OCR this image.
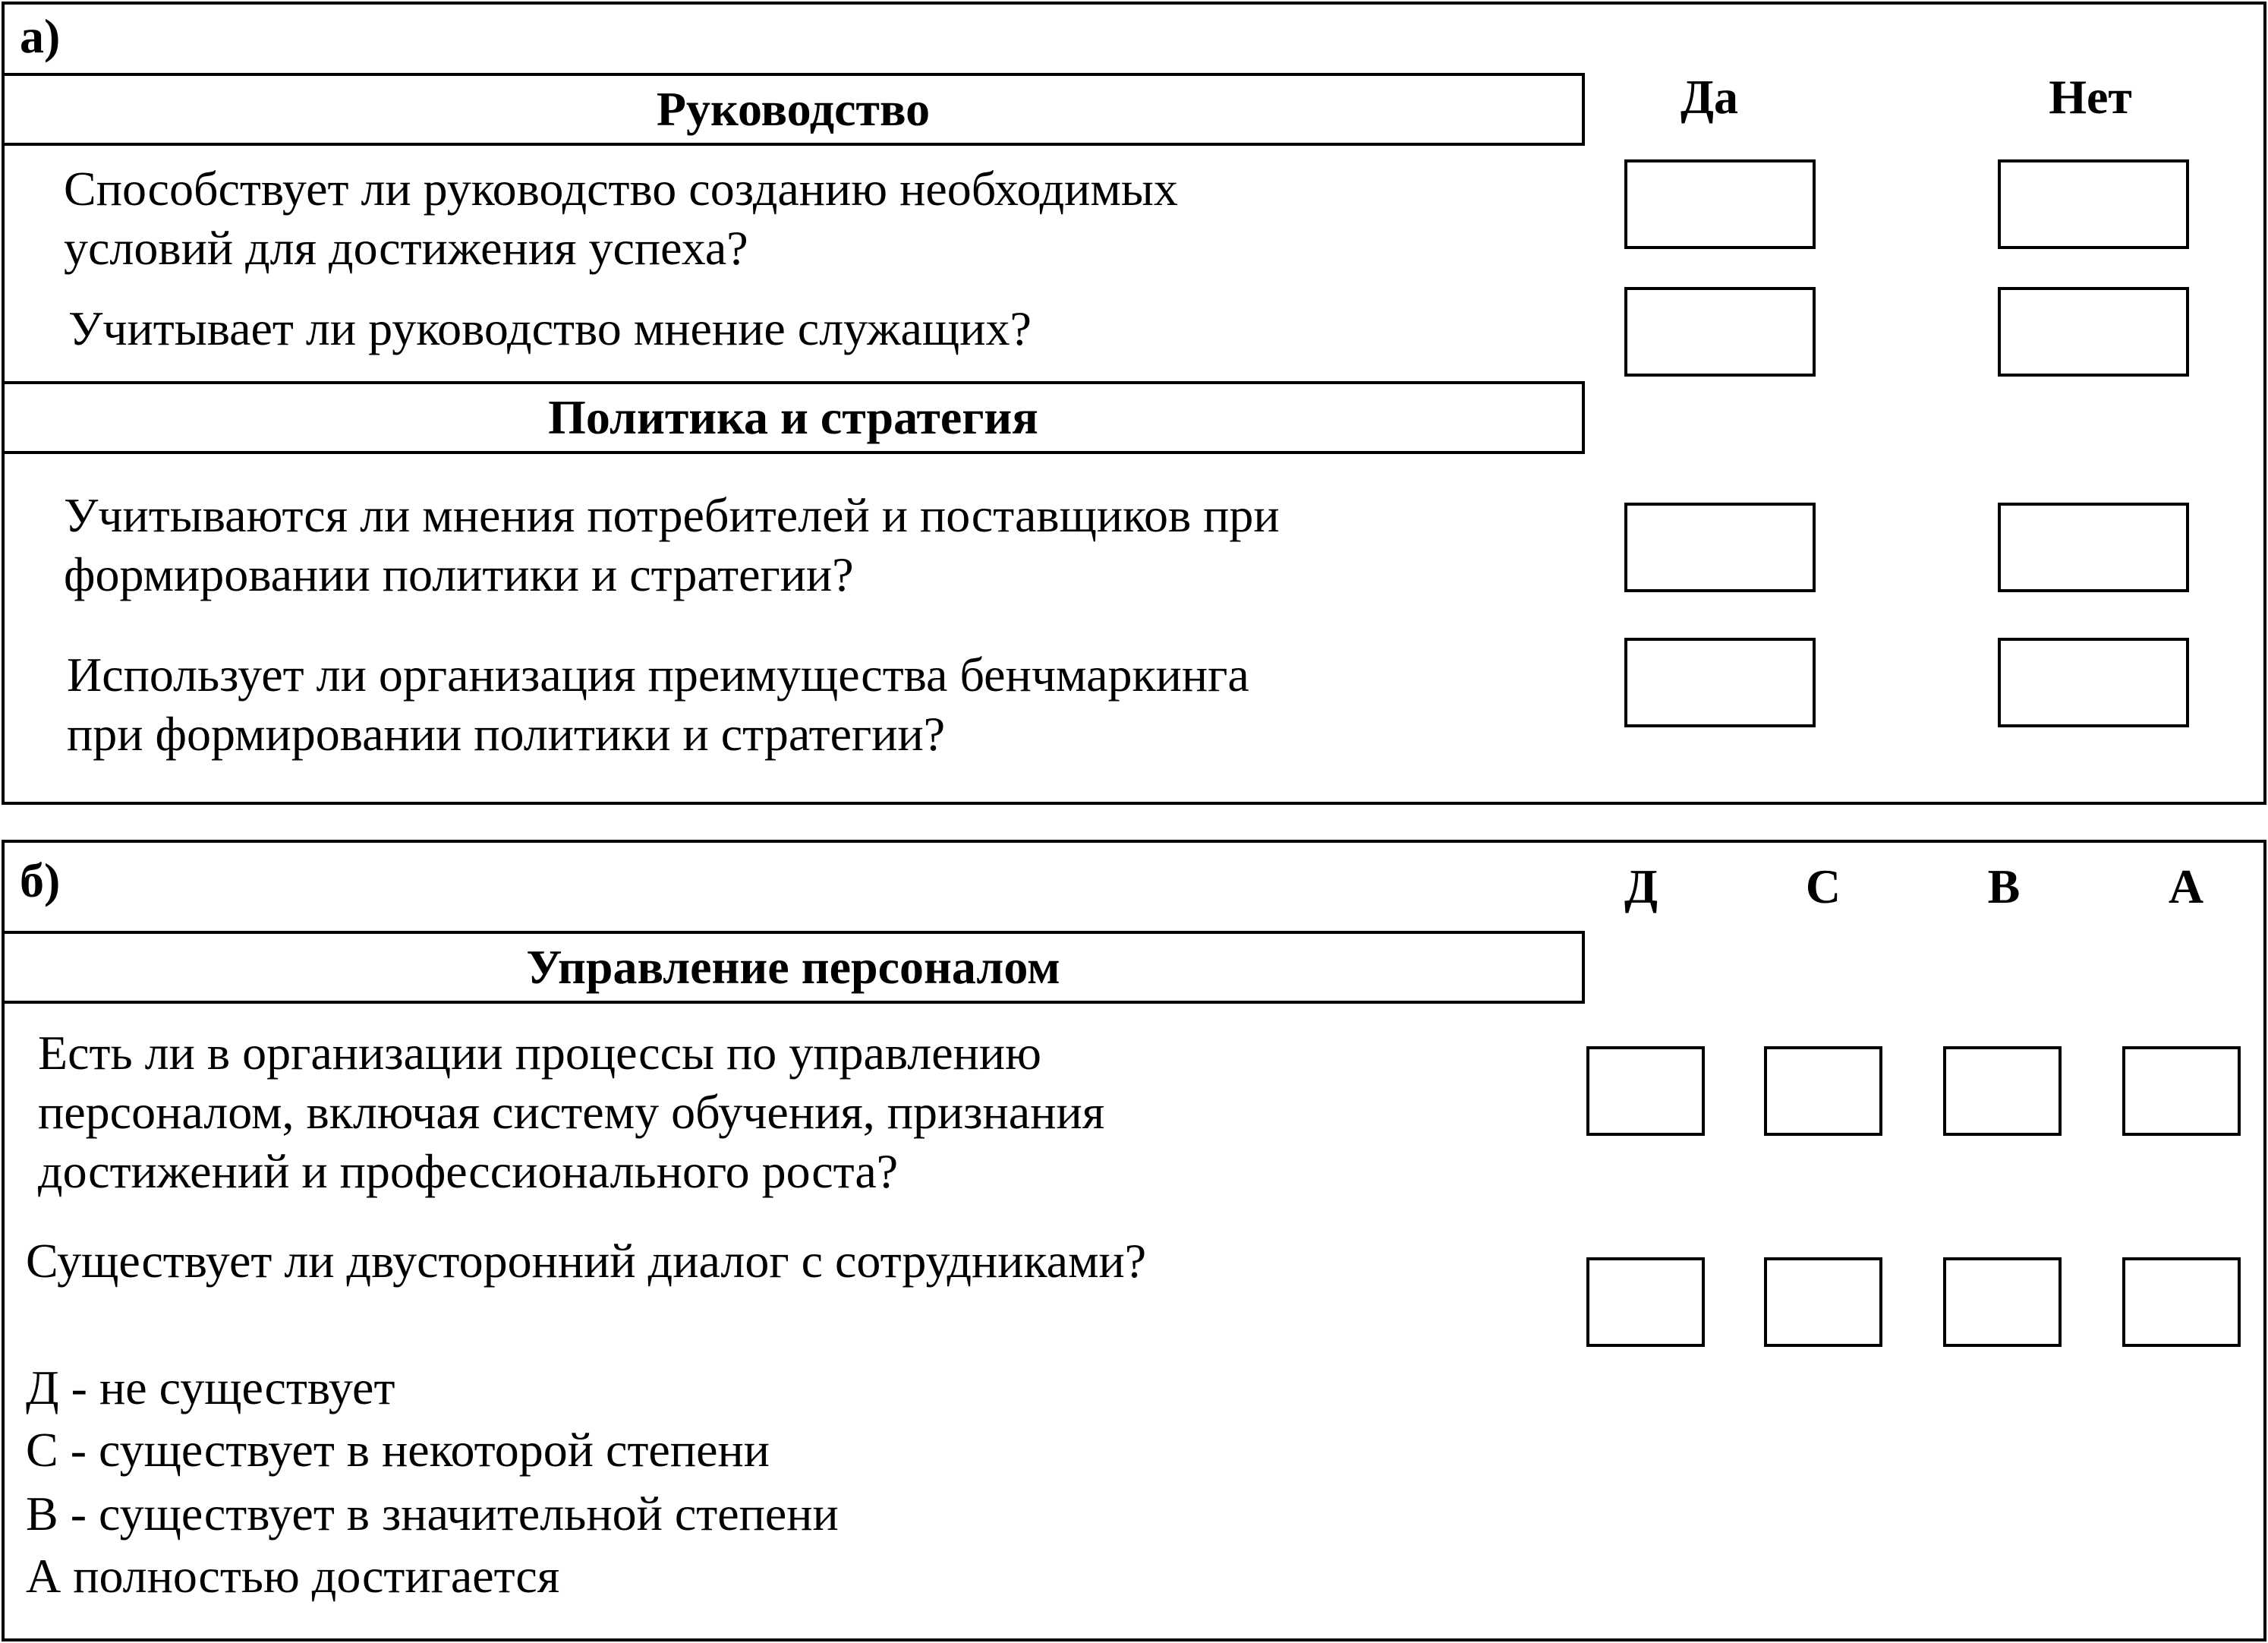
а)
Руководство	Да	Нет
Способствует ли руководство созданию необходимых
условий для достижения успеха?
Учитывает ли руководство мнение служащих?
Политика и стратегия
Учитываются ли мнения потребителей и поставщиков при
формировании политики и стратегии?
Использует ли организация преимущества бенчмаркинга
при формировании политики и стратегии?
б)	Д	С	В	А
Управление персоналом
Есть ли в организации процессы по управлению
персоналом, включая систему обучения, признания
достижений и профессионального роста?
Существует ли двусторонний диалог с сотрудниками?
Д - не существует
С - существует в некоторой степени
В - существует в значительной степени
А полностью достигается
